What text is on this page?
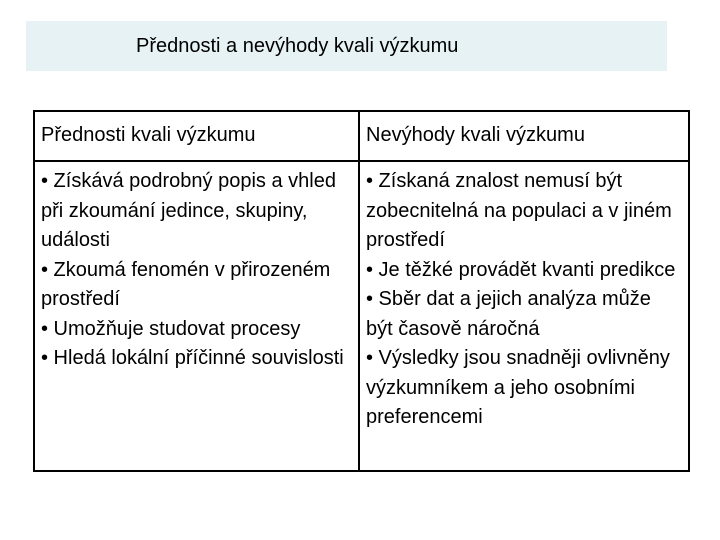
Přednosti a nevýhody kvali výzkumu
Přednosti kvali výzkumu	Nevýhody kvali výzkumu
• Získává podrobný popis a vhled při zkoumání jedince, skupiny, události
• Zkoumá fenomén v přirozeném prostředí
• Umožňuje studovat procesy
• Hledá lokální příčinné souvislosti
• Získaná znalost nemusí být zobecnitelná na populaci a v jiném prostředí
• Je těžké provádět kvanti predikce
• Sběr dat a jejich analýza může být časově náročná
• Výsledky jsou snadněji ovlivněny výzkumníkem a jeho osobními preferencemi
